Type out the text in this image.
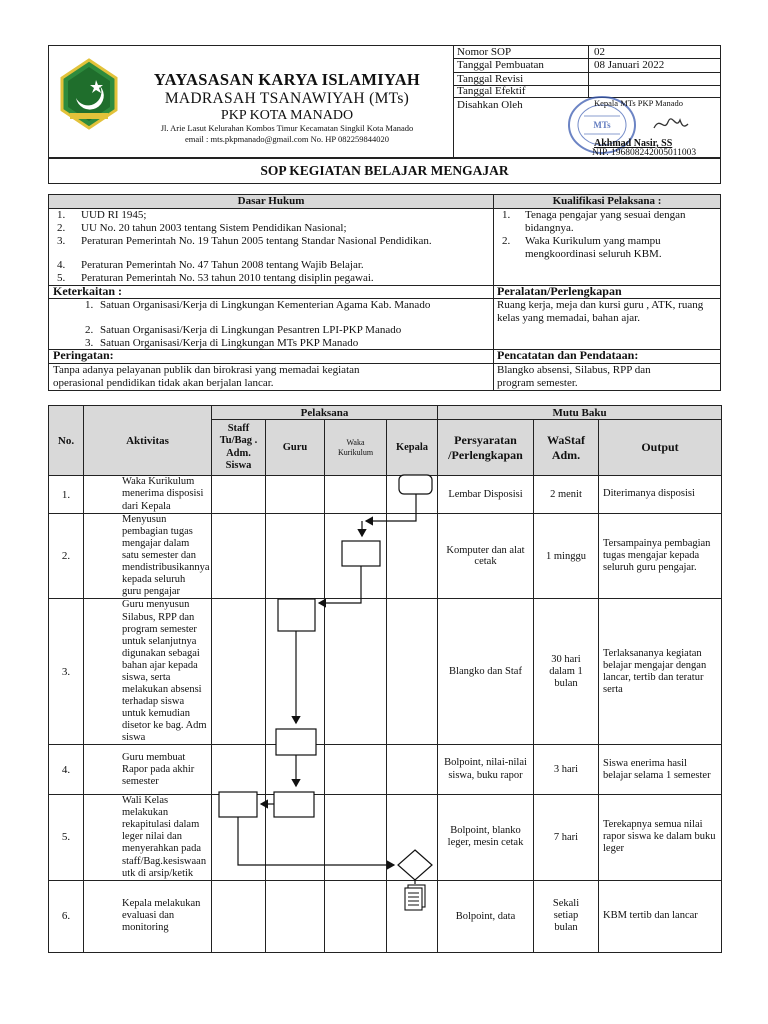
YAYASASAN KARYA ISLAMIYAH
MADRASAH TSANAWIYAH (MTs)
PKP KOTA MANADO
Jl. Arie Lasut Kelurahan Kombos Timur Kecamatan Singkil Kota Manado
email : mts.pkpmanado@gmail.com No. HP 082259844020
Nomor SOP	02
Tanggal Pembuatan	08 Januari 2022
Tanggal Revisi
Tanggal Efektif
Disahkan Oleh
MTs
Kepala MTs PKP Manado
Akhmad Nasir, SS
NIP. 196808242005011003
SOP KEGIATAN BELAJAR MENGAJAR
Dasar Hukum	Kualifikasi Pelaksana :
1. UUD RI 1945;
2. UU No. 20 tahun 2003 tentang Sistem Pendidikan Nasional;
3. Peraturan Pemerintah No. 19 Tahun 2005 tentang Standar Nasional Pendidikan.
4. Peraturan Pemerintah No. 47 Tahun 2008 tentang Wajib Belajar.
5. Peraturan Pemerintah No. 53 tahun 2010 tentang disiplin pegawai.
1. Tenaga pengajar yang sesuai dengan bidangnya.
2. Waka Kurikulum yang mampu mengkoordinasi seluruh KBM.
Keterkaitan :	Peralatan/Perlengkapan
1. Satuan Organisasi/Kerja di Lingkungan Kementerian Agama Kab. Manado
2. Satuan Organisasi/Kerja di Lingkungan Pesantren LPI-PKP Manado
3. Satuan Organisasi/Kerja di Lingkungan MTs PKP Manado
Ruang kerja, meja dan kursi guru , ATK, ruang kelas yang memadai, bahan ajar.
Peringatan:	Pencatatan dan Pendataan:
Tanpa adanya pelayanan publik dan birokrasi yang memadai kegiatan operasional pendidikan tidak akan berjalan lancar.
Blangko absensi, Silabus, RPP dan program semester.
No.	Aktivitas	Pelaksana				Mutu Baku		
		Staff Tu/Bag . Adm. Siswa	Guru	Waka Kurikulum	Kepala	Persyaratan /Perlengkapan	WaStaf Adm.	Output
1.	Waka Kurikulum menerima disposisi dari Kepala					Lembar Disposisi	2 menit	Diterimanya disposisi
2.	Menyusun pembagian tugas mengajar dalam satu semester dan mendistribusikannya kepada seluruh guru pengajar					Komputer dan alat cetak	1 minggu	Tersampainya pembagian tugas mengajar kepada seluruh guru pengajar.
3.	Guru menyusun Silabus, RPP dan program semester untuk selanjutnya digunakan sebagai bahan ajar kepada siswa, serta melakukan absensi terhadap siswa untuk kemudian disetor ke bag. Adm siswa					Blangko dan Staf	30 hari dalam 1 bulan	Terlaksananya kegiatan belajar mengajar dengan lancar, tertib dan teratur serta
4.	Guru membuat Rapor pada akhir semester					Bolpoint, nilai-nilai siswa, buku rapor	3 hari	Siswa enerima hasil belajar selama 1 semester
5.	Wali Kelas melakukan rekapitulasi dalam leger nilai dan menyerahkan pada staff/Bag.kesiswaan utk di arsip/ketik					Bolpoint, blanko leger, mesin cetak	7 hari	Terekapnya semua nilai rapor siswa ke dalam buku leger
6.	Kepala melakukan evaluasi dan monitoring					Bolpoint, data	Sekali setiap bulan	KBM tertib dan lancar
